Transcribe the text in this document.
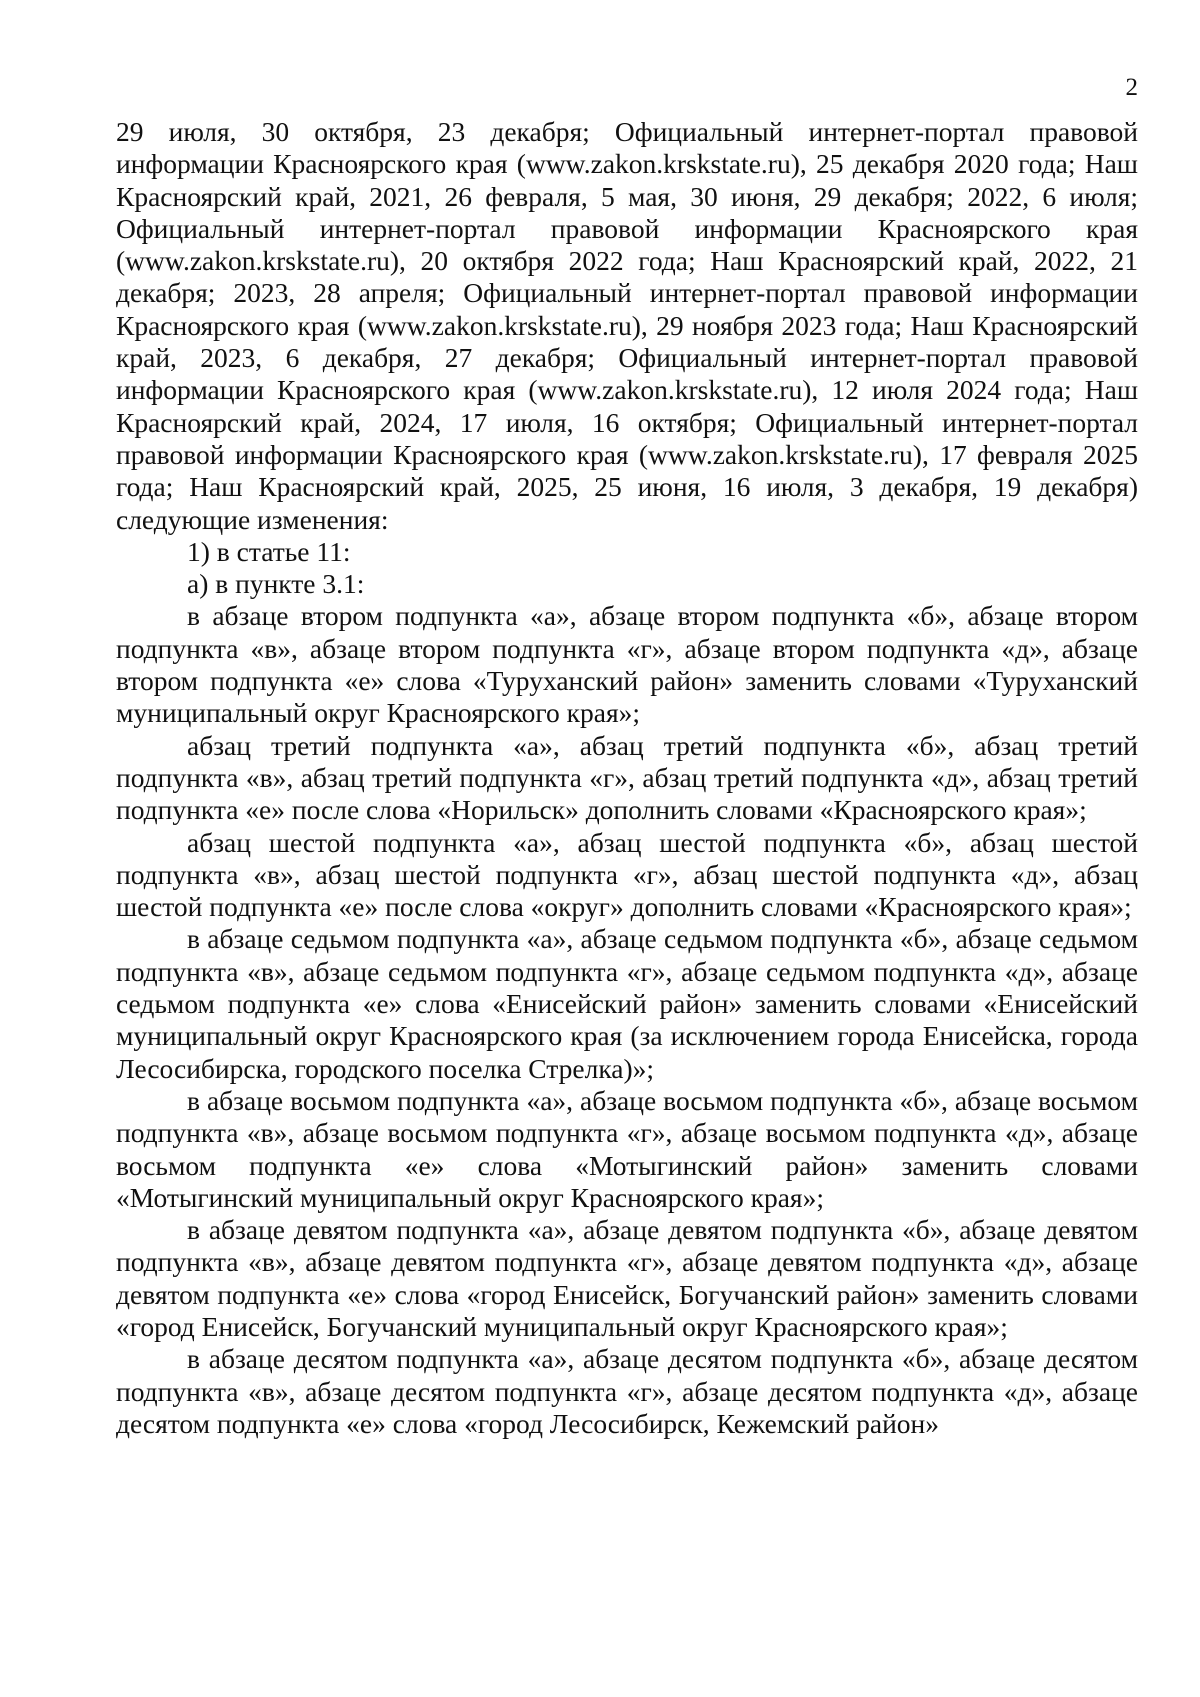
2

29 июля, 30 октября, 23 декабря; Официальный интернет-портал правовой информации Красноярского края (www.zakon.krskstate.ru), 25 декабря 2020 года; Наш Красноярский край, 2021, 26 февраля, 5 мая, 30 июня, 29 декабря; 2022, 6 июля; Официальный интернет-портал правовой информации Красноярского края (www.zakon.krskstate.ru), 20 октября 2022 года; Наш Красноярский край, 2022, 21 декабря; 2023, 28 апреля; Официальный интернет-портал правовой информации Красноярского края (www.zakon.krskstate.ru), 29 ноября 2023 года; Наш Красноярский край, 2023, 6 декабря, 27 декабря; Официальный интернет-портал правовой информации Красноярского края (www.zakon.krskstate.ru), 12 июля 2024 года; Наш Красноярский край, 2024, 17 июля, 16 октября; Официальный интернет-портал правовой информации Красноярского края (www.zakon.krskstate.ru), 17 февраля 2025 года; Наш Красноярский край, 2025, 25 июня, 16 июля, 3 декабря, 19 декабря) следующие изменения:

1) в статье 11:

а) в пункте 3.1:

в абзаце втором подпункта «а», абзаце втором подпункта «б», абзаце втором подпункта «в», абзаце втором подпункта «г», абзаце втором подпункта «д», абзаце втором подпункта «е» слова «Туруханский район» заменить словами «Туруханский муниципальный округ Красноярского края»;

абзац третий подпункта «а», абзац третий подпункта «б», абзац третий подпункта «в», абзац третий подпункта «г», абзац третий подпункта «д», абзац третий подпункта «е» после слова «Норильск» дополнить словами «Красноярского края»;

абзац шестой подпункта «а», абзац шестой подпункта «б», абзац шестой подпункта «в», абзац шестой подпункта «г», абзац шестой подпункта «д», абзац шестой подпункта «е» после слова «округ» дополнить словами «Красноярского края»;

в абзаце седьмом подпункта «а», абзаце седьмом подпункта «б», абзаце седьмом подпункта «в», абзаце седьмом подпункта «г», абзаце седьмом подпункта «д», абзаце седьмом подпункта «е» слова «Енисейский район» заменить словами «Енисейский муниципальный округ Красноярского края (за исключением города Енисейска, города Лесосибирска, городского поселка Стрелка)»;

в абзаце восьмом подпункта «а», абзаце восьмом подпункта «б», абзаце восьмом подпункта «в», абзаце восьмом подпункта «г», абзаце восьмом подпункта «д», абзаце восьмом подпункта «е» слова «Мотыгинский район» заменить словами «Мотыгинский муниципальный округ Красноярского края»;

в абзаце девятом подпункта «а», абзаце девятом подпункта «б», абзаце девятом подпункта «в», абзаце девятом подпункта «г», абзаце девятом подпункта «д», абзаце девятом подпункта «е» слова «город Енисейск, Богучанский район» заменить словами «город Енисейск, Богучанский муниципальный округ Красноярского края»;

в абзаце десятом подпункта «а», абзаце десятом подпункта «б», абзаце десятом подпункта «в», абзаце десятом подпункта «г», абзаце десятом подпункта «д», абзаце десятом подпункта «е» слова «город Лесосибирск, Кежемский район»
